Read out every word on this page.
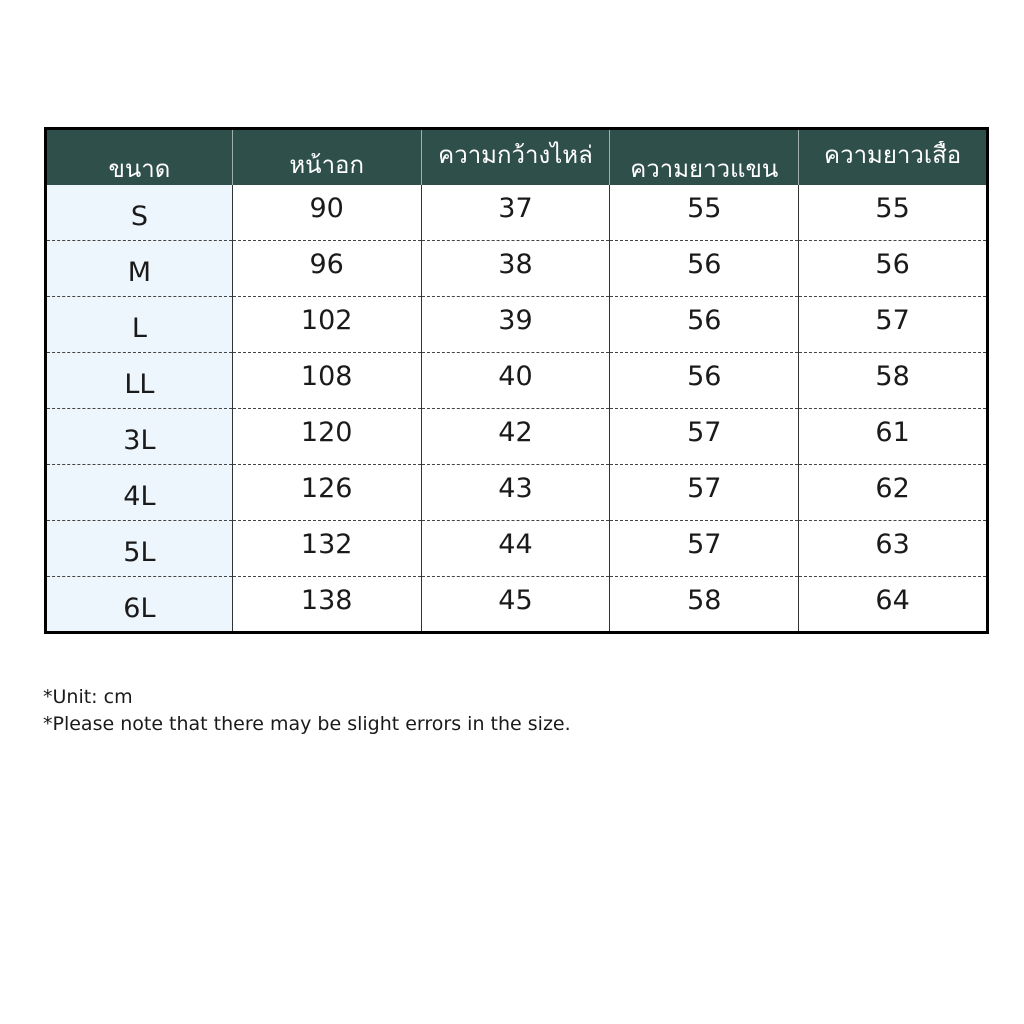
ขนาด	หน้าอก	ความกว้างไหล่	ความยาวแขน	ความยาวเสื้อ

S	90	37	55	55
M	96	38	56	56
L	102	39	56	57
LL	108	40	56	58
3L	120	42	57	61
4L	126	43	57	62
5L	132	44	57	63
6L	138	45	58	64
*Unit: cm
*Please note that there may be slight errors in the size.
